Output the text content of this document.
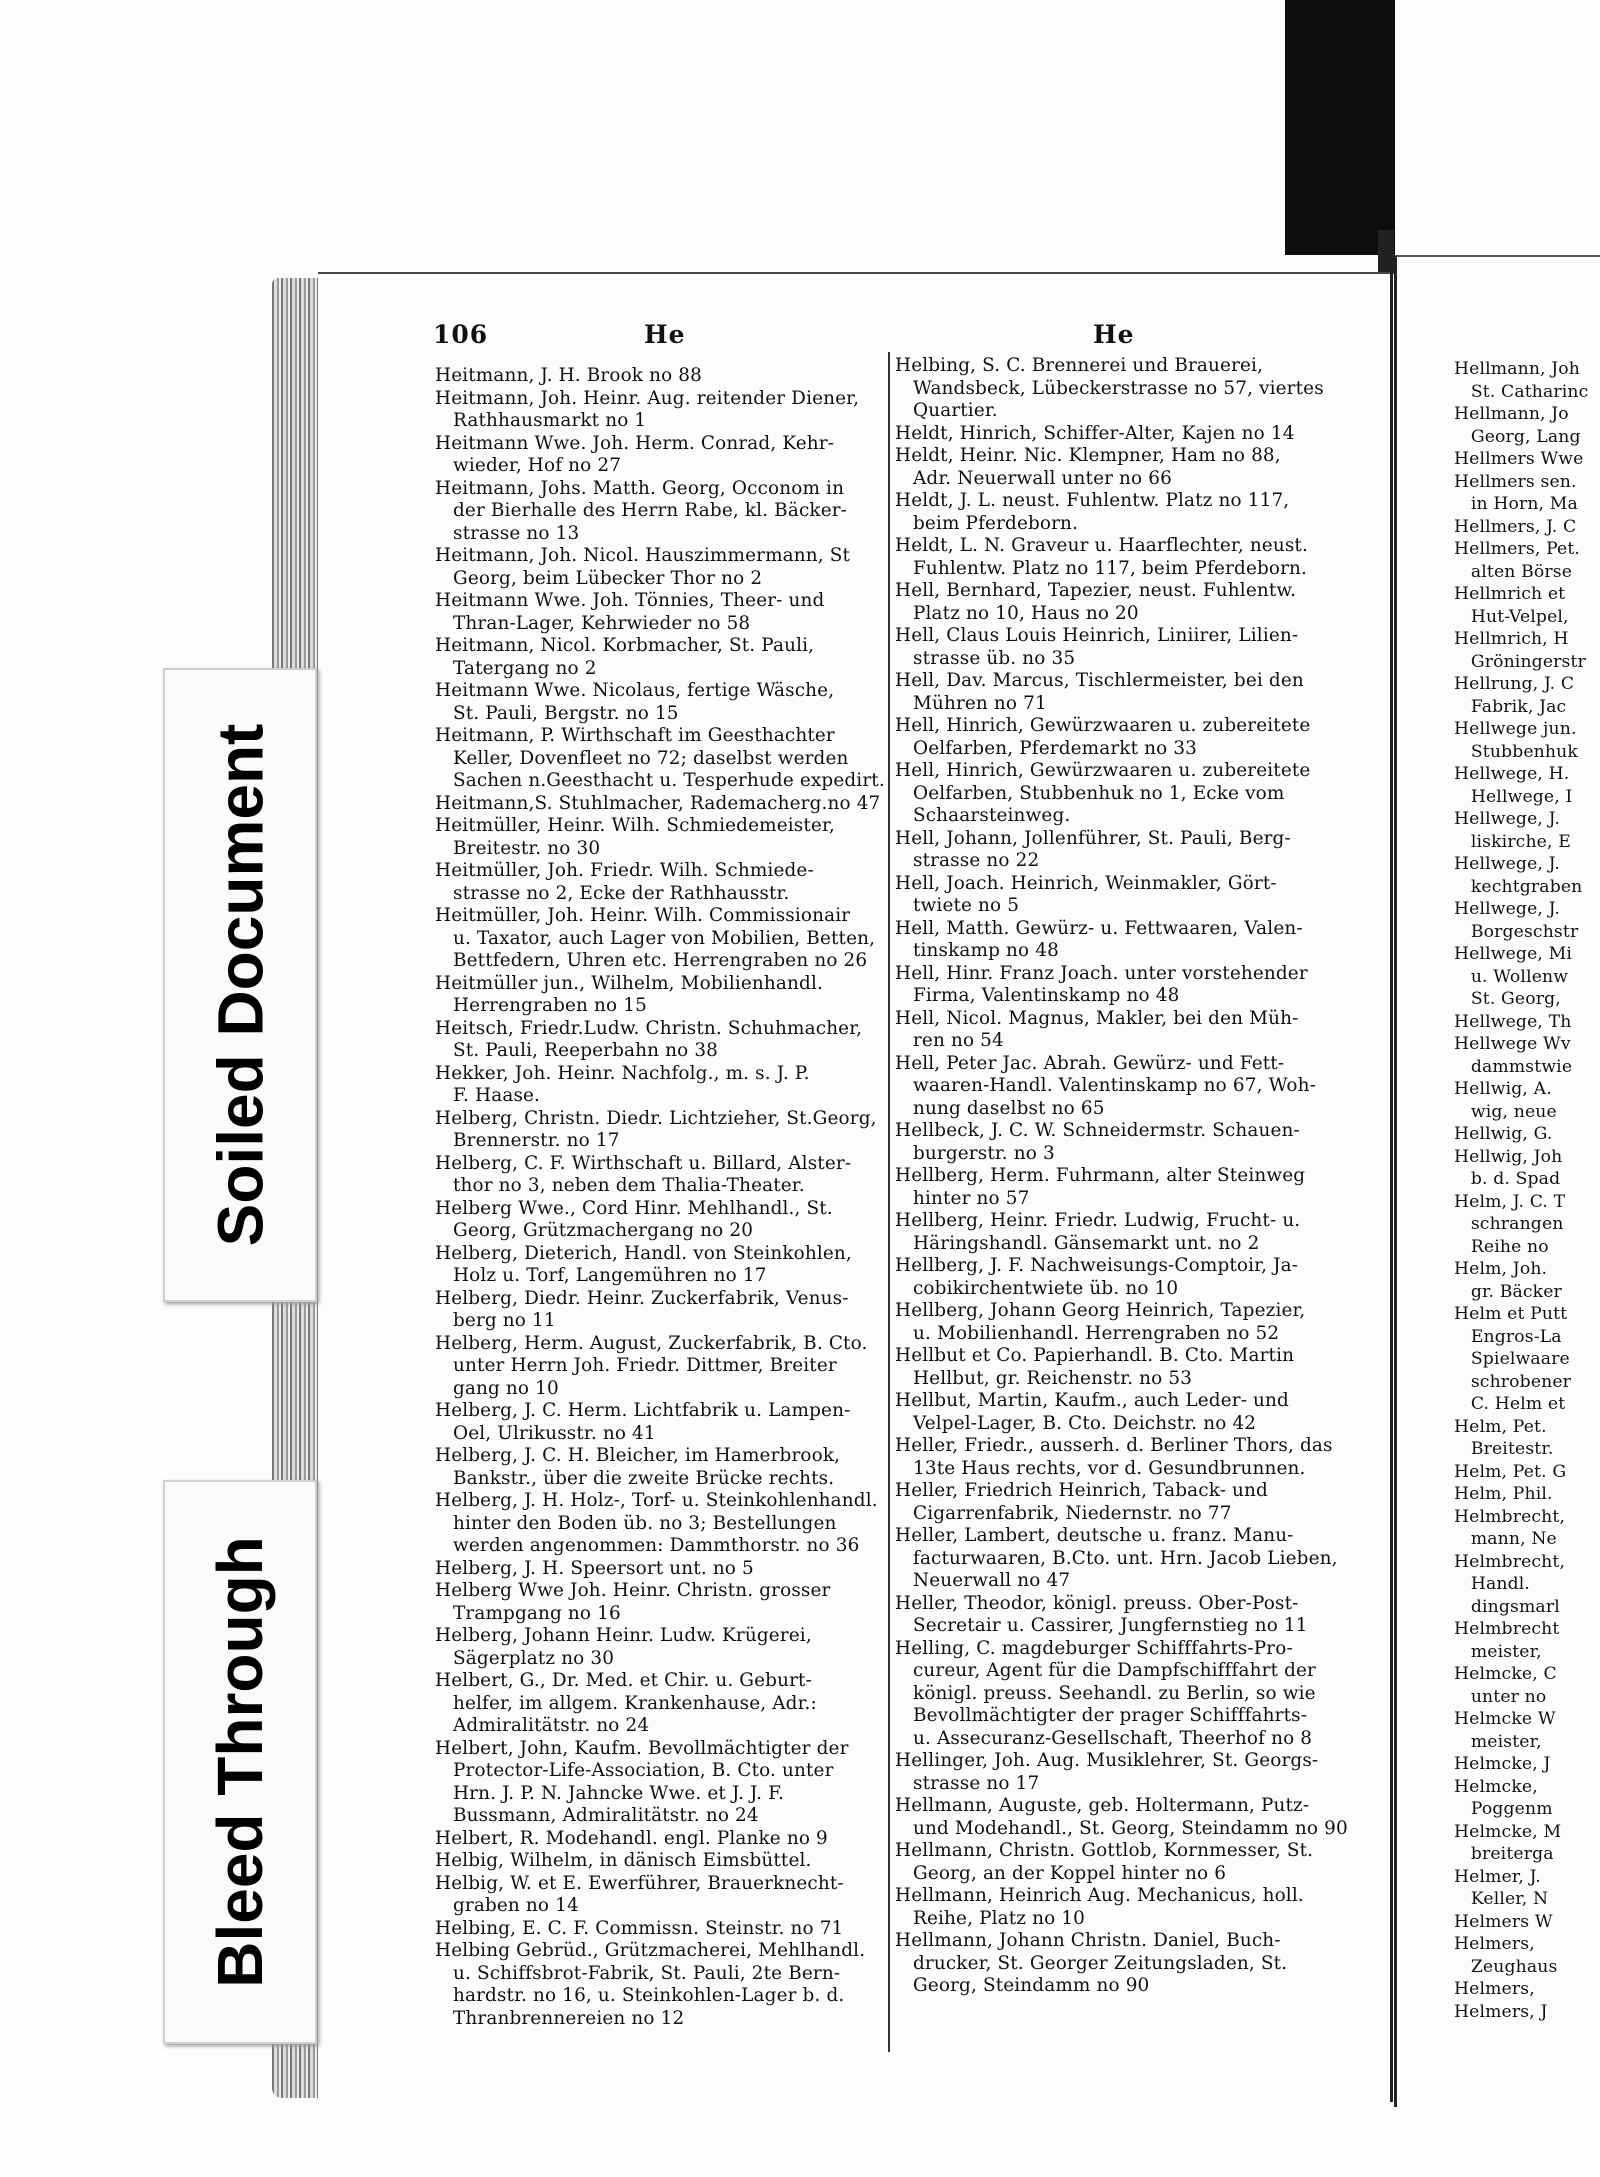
106	He	He
Heitmann, J. H. Brook no 88
Heitmann, Joh. Heinr. Aug. reitender Diener,
Rathhausmarkt no 1
Heitmann Wwe. Joh. Herm. Conrad, Kehr-
wieder, Hof no 27
Heitmann, Johs. Matth. Georg, Occonom in
der Bierhalle des Herrn Rabe, kl. Bäcker-
strasse no 13
Heitmann, Joh. Nicol. Hauszimmermann, St
Georg, beim Lübecker Thor no 2
Heitmann Wwe. Joh. Tönnies, Theer- und
Thran-Lager, Kehrwieder no 58
Heitmann, Nicol. Korbmacher, St. Pauli,
Tatergang no 2
Heitmann Wwe. Nicolaus, fertige Wäsche,
St. Pauli, Bergstr. no 15
Heitmann, P. Wirthschaft im Geesthachter
Keller, Dovenfleet no 72; daselbst werden
Sachen n.Geesthacht u. Tesperhude expedirt.
Heitmann,S. Stuhlmacher, Rademacherg.no 47
Heitmüller, Heinr. Wilh. Schmiedemeister,
Breitestr. no 30
Heitmüller, Joh. Friedr. Wilh. Schmiede-
strasse no 2, Ecke der Rathhausstr.
Heitmüller, Joh. Heinr. Wilh. Commissionair
u. Taxator, auch Lager von Mobilien, Betten,
Bettfedern, Uhren etc. Herrengraben no 26
Heitmüller jun., Wilhelm, Mobilienhandl.
Herrengraben no 15
Heitsch, Friedr.Ludw. Christn. Schuhmacher,
St. Pauli, Reeperbahn no 38
Hekker, Joh. Heinr. Nachfolg., m. s. J. P.
F. Haase.
Helberg, Christn. Diedr. Lichtzieher, St.Georg,
Brennerstr. no 17
Helberg, C. F. Wirthschaft u. Billard, Alster-
thor no 3, neben dem Thalia-Theater.
Helberg Wwe., Cord Hinr. Mehlhandl., St.
Georg, Grützmachergang no 20
Helberg, Dieterich, Handl. von Steinkohlen,
Holz u. Torf, Langemühren no 17
Helberg, Diedr. Heinr. Zuckerfabrik, Venus-
berg no 11
Helberg, Herm. August, Zuckerfabrik, B. Cto.
unter Herrn Joh. Friedr. Dittmer, Breiter
gang no 10
Helberg, J. C. Herm. Lichtfabrik u. Lampen-
Oel, Ulrikusstr. no 41
Helberg, J. C. H. Bleicher, im Hamerbrook,
Bankstr., über die zweite Brücke rechts.
Helberg, J. H. Holz-, Torf- u. Steinkohlenhandl.
hinter den Boden üb. no 3; Bestellungen
werden angenommen: Dammthorstr. no 36
Helberg, J. H. Speersort unt. no 5
Helberg Wwe Joh. Heinr. Christn. grosser
Trampgang no 16
Helberg, Johann Heinr. Ludw. Krügerei,
Sägerplatz no 30
Helbert, G., Dr. Med. et Chir. u. Geburt-
helfer, im allgem. Krankenhause, Adr.:
Admiralitätstr. no 24
Helbert, John, Kaufm. Bevollmächtigter der
Protector-Life-Association, B. Cto. unter
Hrn. J. P. N. Jahncke Wwe. et J. J. F.
Bussmann, Admiralitätstr. no 24
Helbert, R. Modehandl. engl. Planke no 9
Helbig, Wilhelm, in dänisch Eimsbüttel.
Helbig, W. et E. Ewerführer, Brauerknecht-
graben no 14
Helbing, E. C. F. Commissn. Steinstr. no 71
Helbing Gebrüd., Grützmacherei, Mehlhandl.
u. Schiffsbrot-Fabrik, St. Pauli, 2te Bern-
hardstr. no 16, u. Steinkohlen-Lager b. d.
Thranbrennereien no 12
Helbing, S. C. Brennerei und Brauerei,
Wandsbeck, Lübeckerstrasse no 57, viertes
Quartier.
Heldt, Hinrich, Schiffer-Alter, Kajen no 14
Heldt, Heinr. Nic. Klempner, Ham no 88,
Adr. Neuerwall unter no 66
Heldt, J. L. neust. Fuhlentw. Platz no 117,
beim Pferdeborn.
Heldt, L. N. Graveur u. Haarflechter, neust.
Fuhlentw. Platz no 117, beim Pferdeborn.
Hell, Bernhard, Tapezier, neust. Fuhlentw.
Platz no 10, Haus no 20
Hell, Claus Louis Heinrich, Liniirer, Lilien-
strasse üb. no 35
Hell, Dav. Marcus, Tischlermeister, bei den
Mühren no 71
Hell, Hinrich, Gewürzwaaren u. zubereitete
Oelfarben, Pferdemarkt no 33
Hell, Hinrich, Gewürzwaaren u. zubereitete
Oelfarben, Stubbenhuk no 1, Ecke vom
Schaarsteinweg.
Hell, Johann, Jollenführer, St. Pauli, Berg-
strasse no 22
Hell, Joach. Heinrich, Weinmakler, Gört-
twiete no 5
Hell, Matth. Gewürz- u. Fettwaaren, Valen-
tinskamp no 48
Hell, Hinr. Franz Joach. unter vorstehender
Firma, Valentinskamp no 48
Hell, Nicol. Magnus, Makler, bei den Müh-
ren no 54
Hell, Peter Jac. Abrah. Gewürz- und Fett-
waaren-Handl. Valentinskamp no 67, Woh-
nung daselbst no 65
Hellbeck, J. C. W. Schneidermstr. Schauen-
burgerstr. no 3
Hellberg, Herm. Fuhrmann, alter Steinweg
hinter no 57
Hellberg, Heinr. Friedr. Ludwig, Frucht- u.
Häringshandl. Gänsemarkt unt. no 2
Hellberg, J. F. Nachweisungs-Comptoir, Ja-
cobikirchentwiete üb. no 10
Hellberg, Johann Georg Heinrich, Tapezier,
u. Mobilienhandl. Herrengraben no 52
Hellbut et Co. Papierhandl. B. Cto. Martin
Hellbut, gr. Reichenstr. no 53
Hellbut, Martin, Kaufm., auch Leder- und
Velpel-Lager, B. Cto. Deichstr. no 42
Heller, Friedr., ausserh. d. Berliner Thors, das
13te Haus rechts, vor d. Gesundbrunnen.
Heller, Friedrich Heinrich, Taback- und
Cigarrenfabrik, Niedernstr. no 77
Heller, Lambert, deutsche u. franz. Manu-
facturwaaren, B.Cto. unt. Hrn. Jacob Lieben,
Neuerwall no 47
Heller, Theodor, königl. preuss. Ober-Post-
Secretair u. Cassirer, Jungfernstieg no 11
Helling, C. magdeburger Schifffahrts-Pro-
cureur, Agent für die Dampfschifffahrt der
königl. preuss. Seehandl. zu Berlin, so wie
Bevollmächtigter der prager Schifffahrts-
u. Assecuranz-Gesellschaft, Theerhof no 8
Hellinger, Joh. Aug. Musiklehrer, St. Georgs-
strasse no 17
Hellmann, Auguste, geb. Holtermann, Putz-
und Modehandl., St. Georg, Steindamm no 90
Hellmann, Christn. Gottlob, Kornmesser, St.
Georg, an der Koppel hinter no 6
Hellmann, Heinrich Aug. Mechanicus, holl.
Reihe, Platz no 10
Hellmann, Johann Christn. Daniel, Buch-
drucker, St. Georger Zeitungsladen, St.
Georg, Steindamm no 90
Hellmann, Joh
St. Catharinc
Hellmann, Jo
Georg, Lang
Hellmers Wwe
Hellmers sen.
in Horn, Ma
Hellmers, J. C
Hellmers, Pet.
alten Börse
Hellmrich et
Hut-Velpel,
Hellmrich, H
Gröningerstr
Hellrung, J. C
Fabrik, Jac
Hellwege jun.
Stubbenhuk
Hellwege, H.
Hellwege, I
Hellwege, J.
liskirche, E
Hellwege, J.
kechtgraben
Hellwege, J.
Borgeschstr
Hellwege, Mi
u. Wollenw
St. Georg,
Hellwege, Th
Hellwege Wv
dammstwie
Hellwig, A.
wig, neue
Hellwig, G.
Hellwig, Joh
b. d. Spad
Helm, J. C. T
schrangen
Reihe no
Helm, Joh.
gr. Bäcker
Helm et Putt
Engros-La
Spielwaare
schrobener
C. Helm et
Helm, Pet.
Breitestr.
Helm, Pet. G
Helm, Phil.
Helmbrecht,
mann, Ne
Helmbrecht,
Handl.
dingsmarl
Helmbrecht
meister,
Helmcke, C
unter no
Helmcke W
meister,
Helmcke, J
Helmcke,
Poggenm
Helmcke, M
breiterga
Helmer, J.
Keller, N
Helmers W
Helmers,
Zeughaus
Helmers,
Helmers, J
Soiled Document
Bleed Through
